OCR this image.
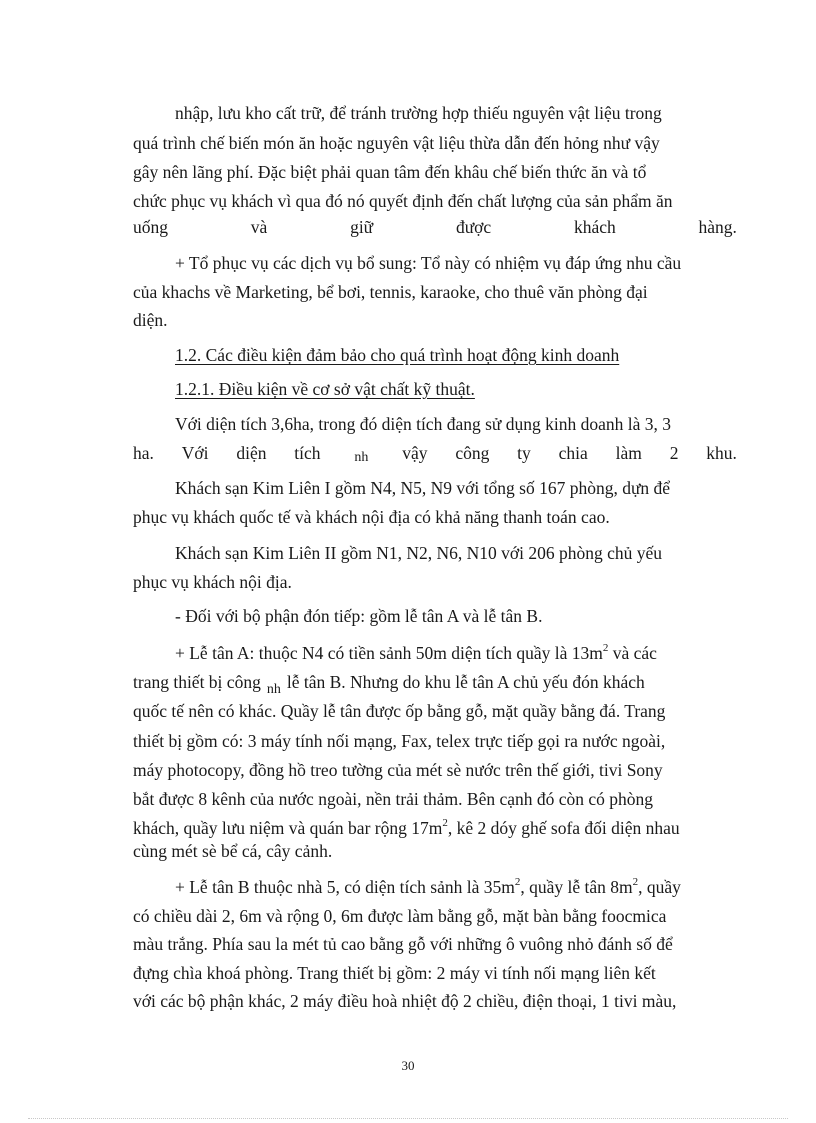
nhập, lưu kho cất trữ, để tránh trường hợp thiếu nguyên vật liệu trong
quá trình chế biến món ăn hoặc nguyên vật liệu thừa dẫn đến hỏng như vậy
gây nên lãng phí. Đặc biệt phải quan tâm đến khâu chế biến thức ăn và tổ
chức phục vụ khách vì qua đó nó quyết định đến chất lượng của sản phẩm ăn
uống	và	giữ	được	khách	hàng.
+ Tổ phục vụ các dịch vụ bổ sung: Tổ này có nhiệm vụ đáp ứng nhu cầu
của khachs về Marketing, bể bơi, tennis, karaoke, cho thuê văn phòng đại
diện.
1.2. Các điều kiện đảm bảo cho quá trình hoạt động kinh doanh
1.2.1. Điều kiện về cơ sở vật chất kỹ thuật.
Với diện tích 3,6ha, trong đó diện tích đang sử dụng kinh doanh là 3, 3
ha. Với diện tích nh vậy công ty chia làm 2 khu.
Khách sạn Kim Liên I gồm N4, N5, N9 với tổng số 167 phòng, dựn để
phục vụ khách quốc tế và khách nội địa có khả năng thanh toán cao.
Khách sạn Kim Liên II gồm N1, N2, N6, N10 với 206 phòng chủ yếu
phục vụ khách nội địa.
- Đối với bộ phận đón tiếp: gồm lễ tân A và lễ tân B.
+ Lễ tân A: thuộc N4 có tiền sảnh 50m diện tích quầy là $13m^2$ và các
trang thiết bị công $_{nh}$ lễ tân B. Nhưng do khu lễ tân A chủ yếu đón khách
quốc tế nên có khác. Quầy lễ tân được ốp bằng gỗ, mặt quầy bằng đá. Trang
thiết bị gồm có: 3 máy tính nối mạng, Fax, telex trực tiếp gọi ra nước ngoài,
máy photocopy, đồng hồ treo tường của mét sè nước trên thế giới, tivi Sony
bắt được 8 kênh của nước ngoài, nền trải thảm. Bên cạnh đó còn có phòng
khách, quầy lưu niệm và quán bar rộng $17m^2$, kê 2 dóy ghế sofa đối diện nhau
cùng mét sè bể cá, cây cảnh.
+ Lễ tân B thuộc nhà 5, có diện tích sảnh là $35m^2$, quầy lễ tân $8m^2$, quầy
có chiều dài 2, 6m và rộng 0, 6m được làm bằng gỗ, mặt bàn bằng foocmica
màu trắng. Phía sau la mét tủ cao bằng gỗ với những ô vuông nhỏ đánh số để
đựng chìa khoá phòng. Trang thiết bị gồm: 2 máy vi tính nối mạng liên kết
với các bộ phận khác, 2 máy điều hoà nhiệt độ 2 chiều, điện thoại, 1 tivi màu,
30
